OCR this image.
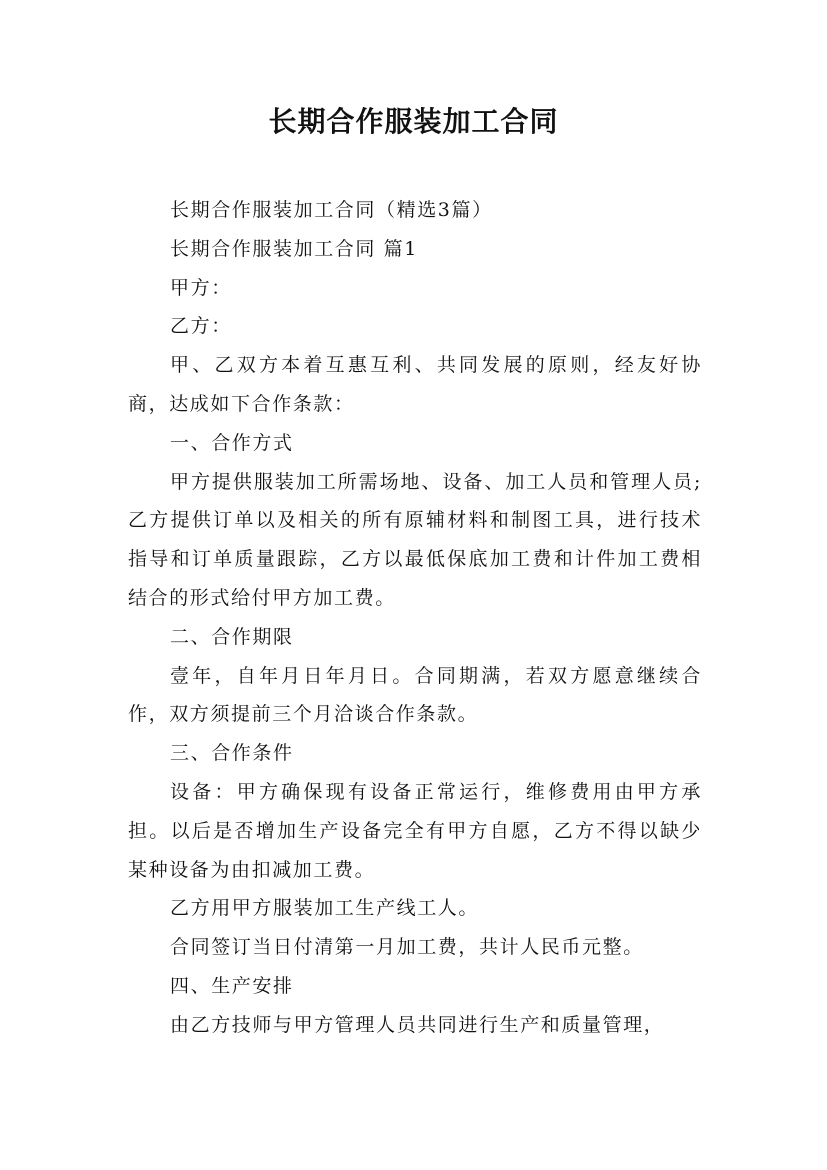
长期合作服装加工合同

长期合作服装加工合同（精选3篇）

长期合作服装加工合同 篇1

甲方：

乙方：

甲、乙双方本着互惠互利、共同发展的原则，经友好协商，达成如下合作条款：

一、合作方式

甲方提供服装加工所需场地、设备、加工人员和管理人员;乙方提供订单以及相关的所有原辅材料和制图工具，进行技术指导和订单质量跟踪，乙方以最低保底加工费和计件加工费相结合的形式给付甲方加工费。

二、合作期限

壹年，自年月日年月日。合同期满，若双方愿意继续合作，双方须提前三个月洽谈合作条款。

三、合作条件

设备：甲方确保现有设备正常运行，维修费用由甲方承担。以后是否增加生产设备完全有甲方自愿，乙方不得以缺少某种设备为由扣减加工费。

乙方用甲方服装加工生产线工人。

合同签订当日付清第一月加工费，共计人民币元整。

四、生产安排

由乙方技师与甲方管理人员共同进行生产和质量管理，
